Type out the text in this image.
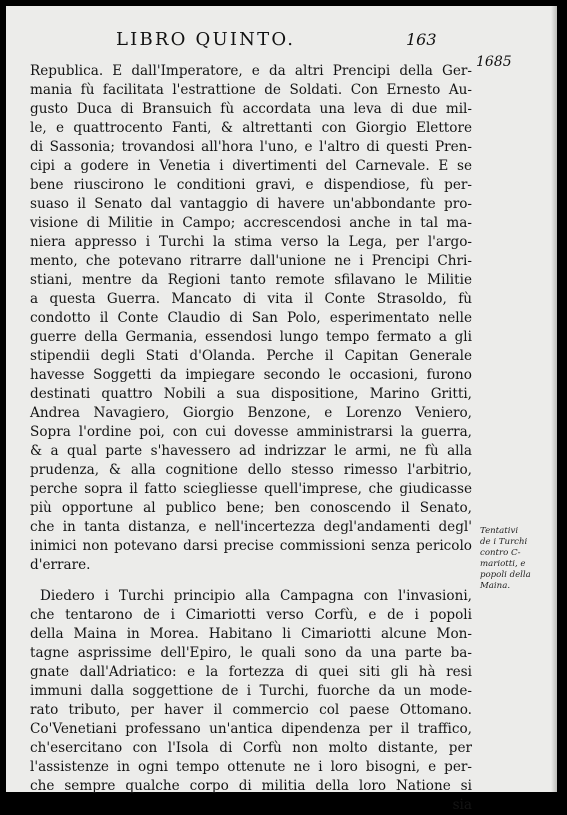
LIBRO QUINTO.	163
1685
Republica. E dall'Imperatore, e da altri Prencipi della Ger-
mania fù facilitata l'estrattione de Soldati. Con Ernesto Au-
gusto Duca di Bransuich fù accordata una leva di due mil-
le, e quattrocento Fanti, & altrettanti con Giorgio Elettore
di Sassonia; trovandosi all'hora l'uno, e l'altro di questi Pren-
cipi a godere in Venetia i divertimenti del Carnevale. E se
bene riuscirono le conditioni gravi, e dispendiose, fù per-
suaso il Senato dal vantaggio di havere un'abbondante pro-
visione di Militie in Campo; accrescendosi anche in tal ma-
niera appresso i Turchi la stima verso la Lega, per l'argo-
mento, che potevano ritrarre dall'unione ne i Prencipi Chri-
stiani, mentre da Regioni tanto remote sfilavano le Militie
a questa Guerra. Mancato di vita il Conte Strasoldo, fù
condotto il Conte Claudio di San Polo, esperimentato nelle
guerre della Germania, essendosi lungo tempo fermato a gli
stipendii degli Stati d'Olanda. Perche il Capitan Generale
havesse Soggetti da impiegare secondo le occasioni, furono
destinati quattro Nobili a sua dispositione, Marino Gritti,
Andrea Navagiero, Giorgio Benzone, e Lorenzo Veniero,
Sopra l'ordine poi, con cui dovesse amministrarsi la guerra,
& a qual parte s'havessero ad indrizzar le armi, ne fù alla
prudenza, & alla cognitione dello stesso rimesso l'arbitrio,
perche sopra il fatto sciegliesse quell'imprese, che giudicasse
più opportune al publico bene; ben conoscendo il Senato,
che in tanta distanza, e nell'incertezza degl'andamenti degl'
inimici non potevano darsi precise commissioni senza pericolo
d'errare.
Diedero i Turchi principio alla Campagna con l'invasioni,
che tentarono de i Cimariotti verso Corfù, e de i popoli
della Maina in Morea. Habitano li Cimariotti alcune Mon-
tagne asprissime dell'Epiro, le quali sono da una parte ba-
gnate dall'Adriatico: e la fortezza di quei siti gli hà resi
immuni dalla soggettione de i Turchi, fuorche da un mode-
rato tributo, per haver il commercio col paese Ottomano.
Co'Venetiani professano un'antica dipendenza per il traffico,
ch'esercitano con l'Isola di Corfù non molto distante, per
l'assistenze in ogni tempo ottenute ne i loro bisogni, e per-
che sempre qualche corpo di militia della loro Natione si
sia
Tentativi
de i Turchi
contro C-
mariotti, e
popoli della
Maina.
